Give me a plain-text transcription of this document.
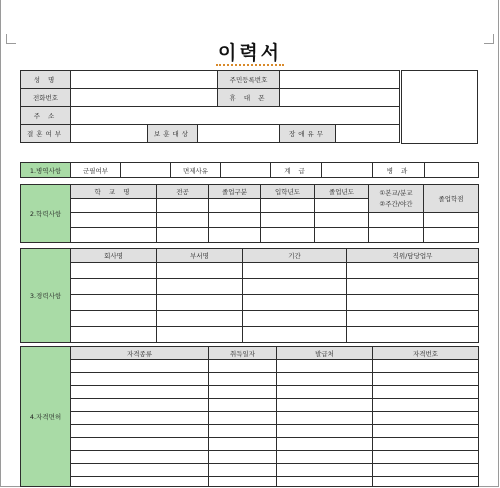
이력서
성 명				주민등록번호		
전화번호				휴 대 폰		
주 소						
결혼여부		보훈대상			장애유무	
1.병역사항	군필여부		면제사유		계 급		병 과	
2.학력사항	학 교 명	전공	졸업구분	입학년도	졸업년도	①본교/분교
②주간/야간	졸업학점

3.경력사항	회사명	부서명	기간	직위/담당업무

4.자격면허	자격종류	취득일자	발급처	자격번호
